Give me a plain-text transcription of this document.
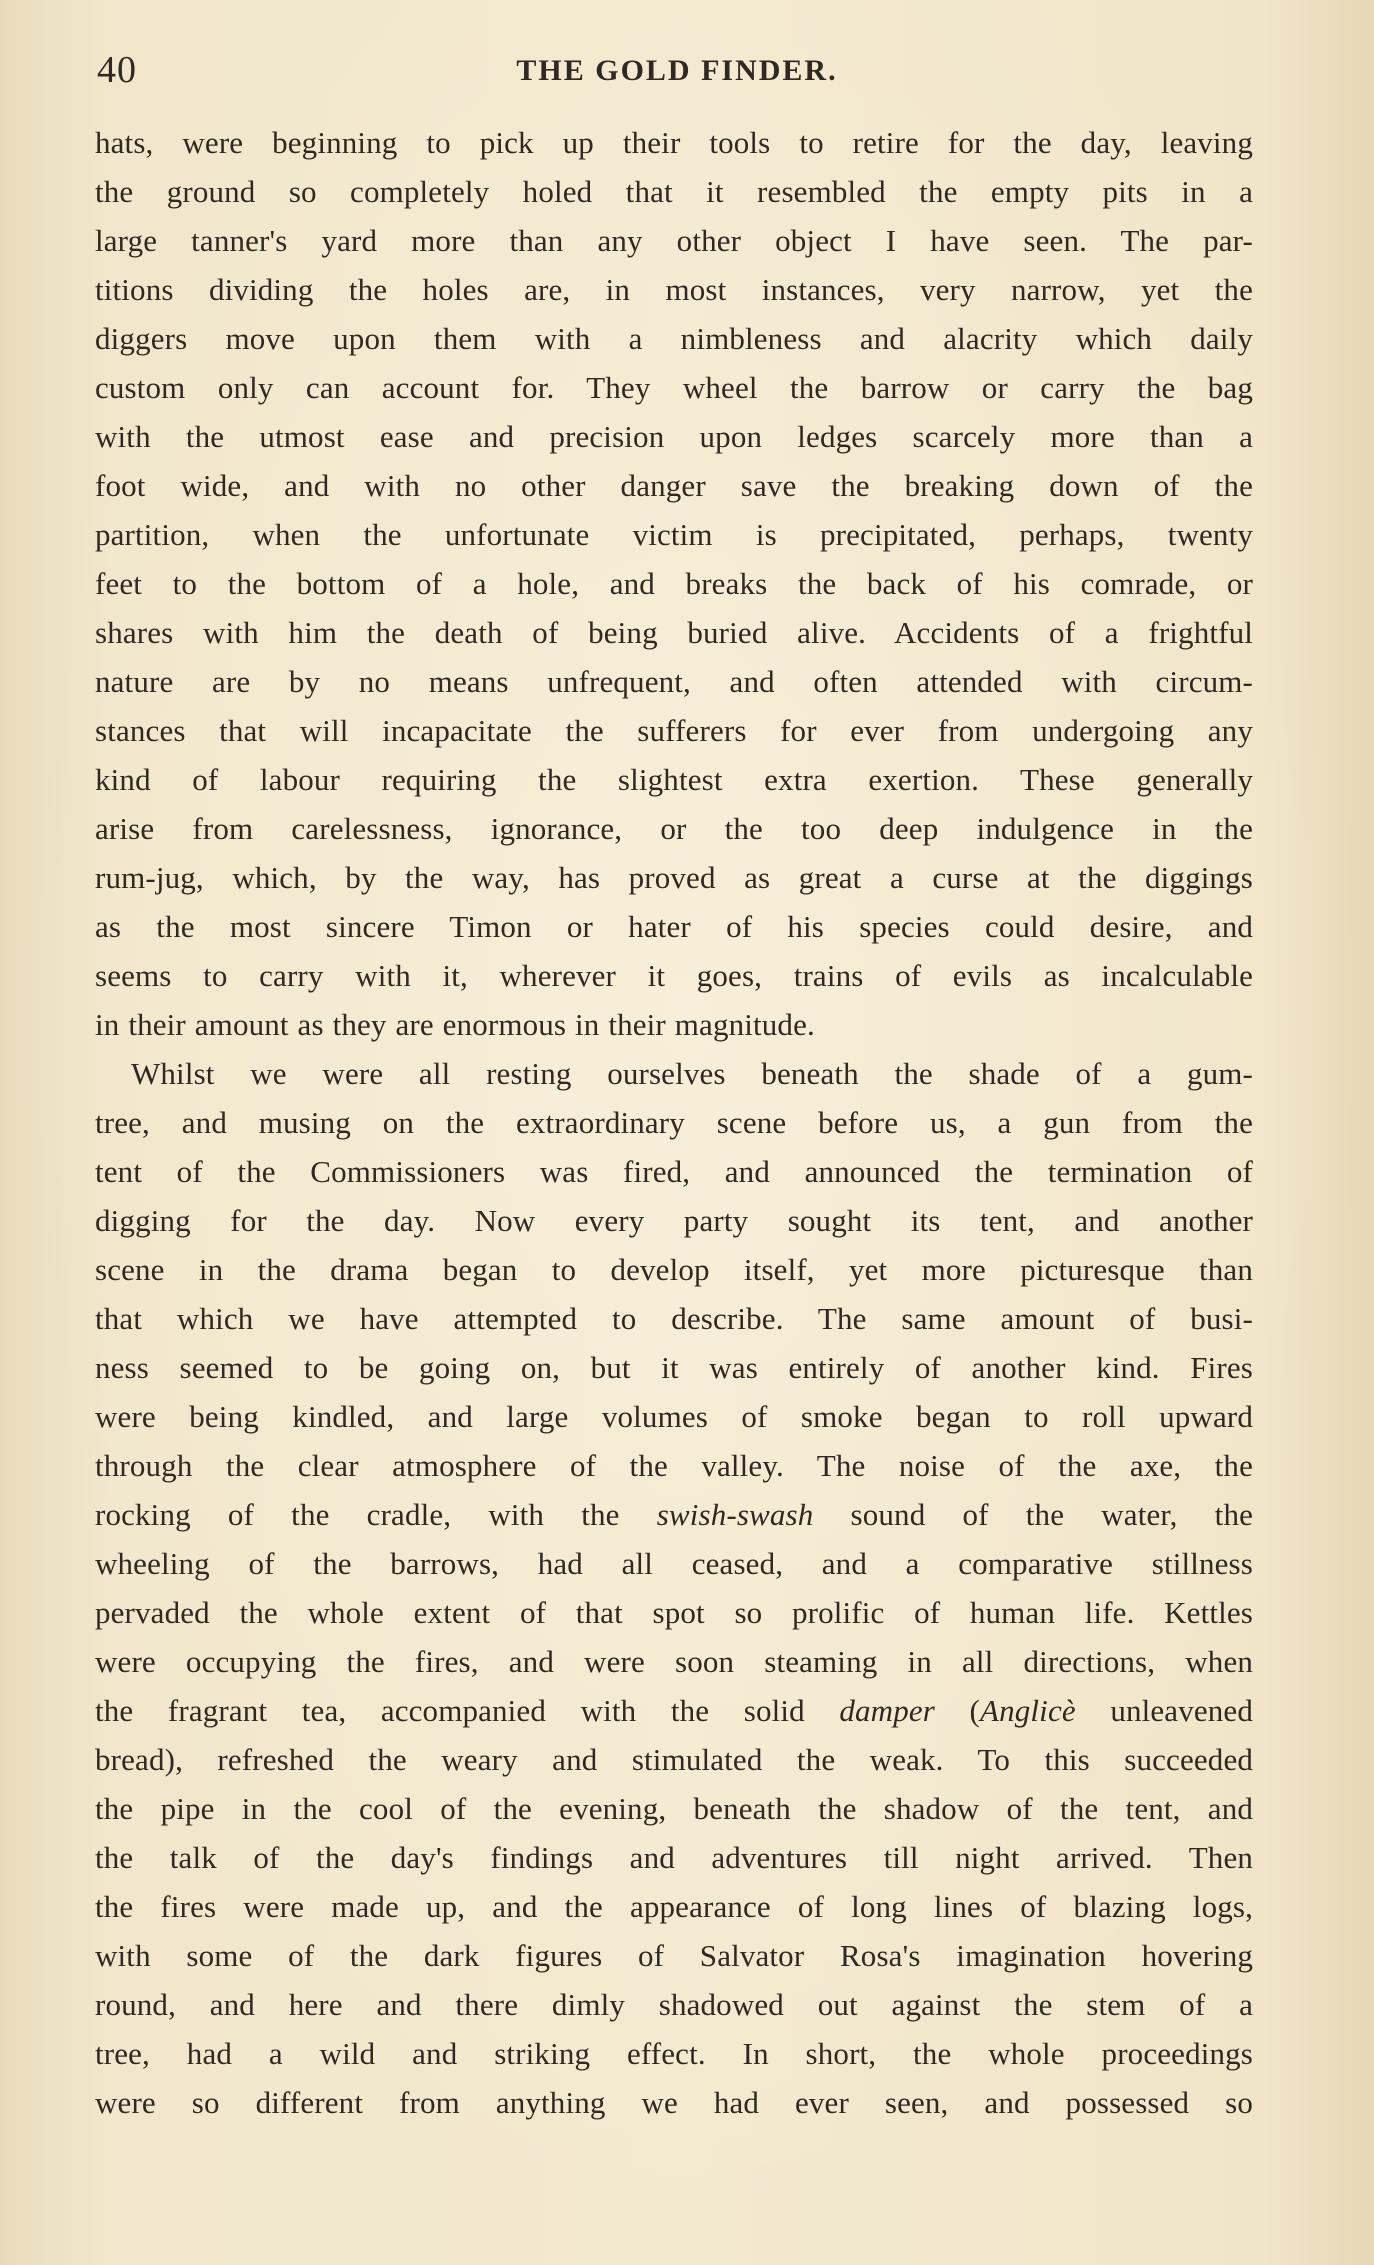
40	THE GOLD FINDER.
hats, were beginning to pick up their tools to retire for the day, leaving
the ground so completely holed that it resembled the empty pits in a
large tanner's yard more than any other object I have seen. The par-
titions dividing the holes are, in most instances, very narrow, yet the
diggers move upon them with a nimbleness and alacrity which daily
custom only can account for. They wheel the barrow or carry the bag
with the utmost ease and precision upon ledges scarcely more than a
foot wide, and with no other danger save the breaking down of the
partition, when the unfortunate victim is precipitated, perhaps, twenty
feet to the bottom of a hole, and breaks the back of his comrade, or
shares with him the death of being buried alive. Accidents of a frightful
nature are by no means unfrequent, and often attended with circum-
stances that will incapacitate the sufferers for ever from undergoing any
kind of labour requiring the slightest extra exertion. These generally
arise from carelessness, ignorance, or the too deep indulgence in the
rum-jug, which, by the way, has proved as great a curse at the diggings
as the most sincere Timon or hater of his species could desire, and
seems to carry with it, wherever it goes, trains of evils as incalculable
in their amount as they are enormous in their magnitude.
Whilst we were all resting ourselves beneath the shade of a gum-
tree, and musing on the extraordinary scene before us, a gun from the
tent of the Commissioners was fired, and announced the termination of
digging for the day. Now every party sought its tent, and another
scene in the drama began to develop itself, yet more picturesque than
that which we have attempted to describe. The same amount of busi-
ness seemed to be going on, but it was entirely of another kind. Fires
were being kindled, and large volumes of smoke began to roll upward
through the clear atmosphere of the valley. The noise of the axe, the
rocking of the cradle, with the swish-swash sound of the water, the
wheeling of the barrows, had all ceased, and a comparative stillness
pervaded the whole extent of that spot so prolific of human life. Kettles
were occupying the fires, and were soon steaming in all directions, when
the fragrant tea, accompanied with the solid damper (Anglicè unleavened
bread), refreshed the weary and stimulated the weak. To this succeeded
the pipe in the cool of the evening, beneath the shadow of the tent, and
the talk of the day's findings and adventures till night arrived. Then
the fires were made up, and the appearance of long lines of blazing logs,
with some of the dark figures of Salvator Rosa's imagination hovering
round, and here and there dimly shadowed out against the stem of a
tree, had a wild and striking effect. In short, the whole proceedings
were so different from anything we had ever seen, and possessed so
